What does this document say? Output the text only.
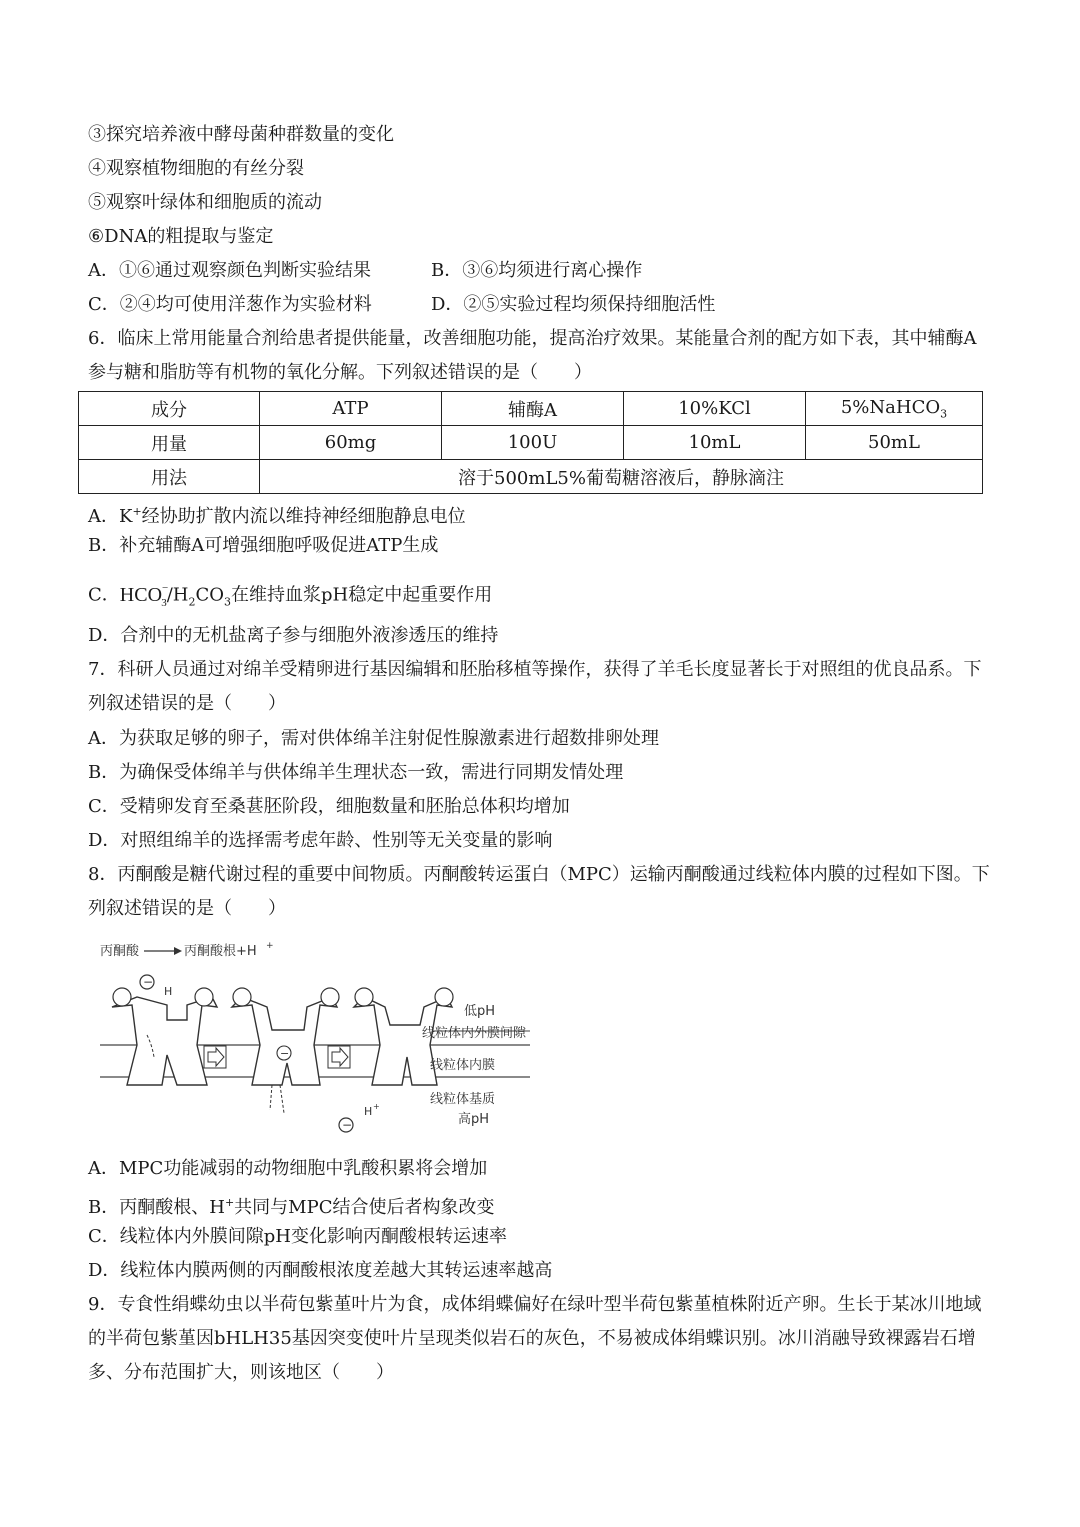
③探究培养液中酵母菌种群数量的变化
④观察植物细胞的有丝分裂
⑤观察叶绿体和细胞质的流动
⑥DNA的粗提取与鉴定
A．①⑥通过观察颜色判断实验结果	B．③⑥均须进行离心操作
C．②④均可使用洋葱作为实验材料	D．②⑤实验过程均须保持细胞活性
6．临床上常用能量合剂给患者提供能量，改善细胞功能，提高治疗效果。某能量合剂的配方如下表，其中辅酶A参与糖和脂肪等有机物的氧化分解。下列叙述错误的是（　　）
成分	ATP	辅酶A	10%KCl	5%NaHCO$_3$
用量	60mg	100U	10mL	50mL
用法	溶于500mL5%葡萄糖溶液后，静脉滴注			
A．K+经协助扩散内流以维持神经细胞静息电位
B．补充辅酶A可增强细胞呼吸促进ATP生成
C．$HCO^-_3/H_2CO_3$在维持血浆pH稳定中起重要作用
D．合剂中的无机盐离子参与细胞外液渗透压的维持
7．科研人员通过对绵羊受精卵进行基因编辑和胚胎移植等操作，获得了羊毛长度显著长于对照组的优良品系。下列叙述错误的是（　　）
A．为获取足够的卵子，需对供体绵羊注射促性腺激素进行超数排卵处理
B．为确保受体绵羊与供体绵羊生理状态一致，需进行同期发情处理
C．受精卵发育至桑葚胚阶段，细胞数量和胚胎总体积均增加
D．对照组绵羊的选择需考虑年龄、性别等无关变量的影响
8．丙酮酸是糖代谢过程的重要中间物质。丙酮酸转运蛋白（MPC）运输丙酮酸通过线粒体内膜的过程如下图。下列叙述错误的是（　　）
丙酮酸	丙酮酸根+H +
−
H
−
低pH
线粒体内外膜间隙
线粒体内膜
线粒体基质
高pH
−
H +
A．MPC功能减弱的动物细胞中乳酸积累将会增加
B．丙酮酸根、H+共同与MPC结合使后者构象改变
C．线粒体内外膜间隙pH变化影响丙酮酸根转运速率
D．线粒体内膜两侧的丙酮酸根浓度差越大其转运速率越高
9．专食性绢蝶幼虫以半荷包紫堇叶片为食，成体绢蝶偏好在绿叶型半荷包紫堇植株附近产卵。生长于某冰川地域的半荷包紫堇因bHLH35基因突变使叶片呈现类似岩石的灰色，不易被成体绢蝶识别。冰川消融导致裸露岩石增多、分布范围扩大，则该地区（　　）
